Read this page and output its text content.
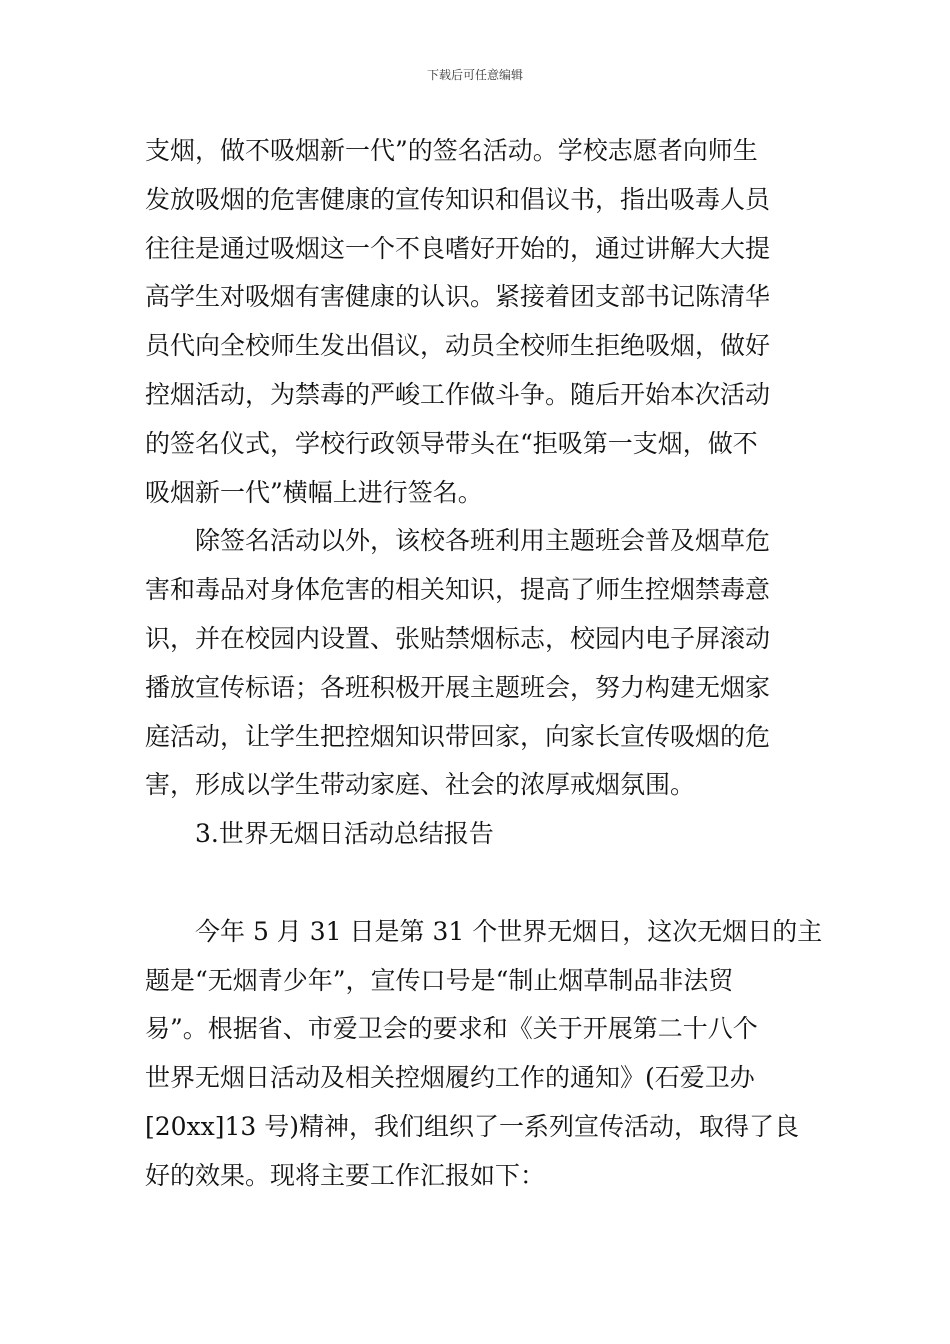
下载后可任意编辑
支烟，做不吸烟新一代”的签名活动。学校志愿者向师生
发放吸烟的危害健康的宣传知识和倡议书，指出吸毒人员
往往是通过吸烟这一个不良嗜好开始的，通过讲解大大提
高学生对吸烟有害健康的认识。紧接着团支部书记陈清华
员代向全校师生发出倡议，动员全校师生拒绝吸烟，做好
控烟活动，为禁毒的严峻工作做斗争。随后开始本次活动
的签名仪式，学校行政领导带头在“拒吸第一支烟，做不
吸烟新一代”横幅上进行签名。
除签名活动以外，该校各班利用主题班会普及烟草危
害和毒品对身体危害的相关知识，提高了师生控烟禁毒意
识，并在校园内设置、张贴禁烟标志，校园内电子屏滚动
播放宣传标语；各班积极开展主题班会，努力构建无烟家
庭活动，让学生把控烟知识带回家，向家长宣传吸烟的危
害，形成以学生带动家庭、社会的浓厚戒烟氛围。
3.世界无烟日活动总结报告
今年 5 月 31 日是第 31 个世界无烟日，这次无烟日的主
题是“无烟青少年”，宣传口号是“制止烟草制品非法贸
易”。根据省、市爱卫会的要求和《关于开展第二十八个
世界无烟日活动及相关控烟履约工作的通知》(石爱卫办
[20xx]13 号)精神，我们组织了一系列宣传活动，取得了良
好的效果。现将主要工作汇报如下：
